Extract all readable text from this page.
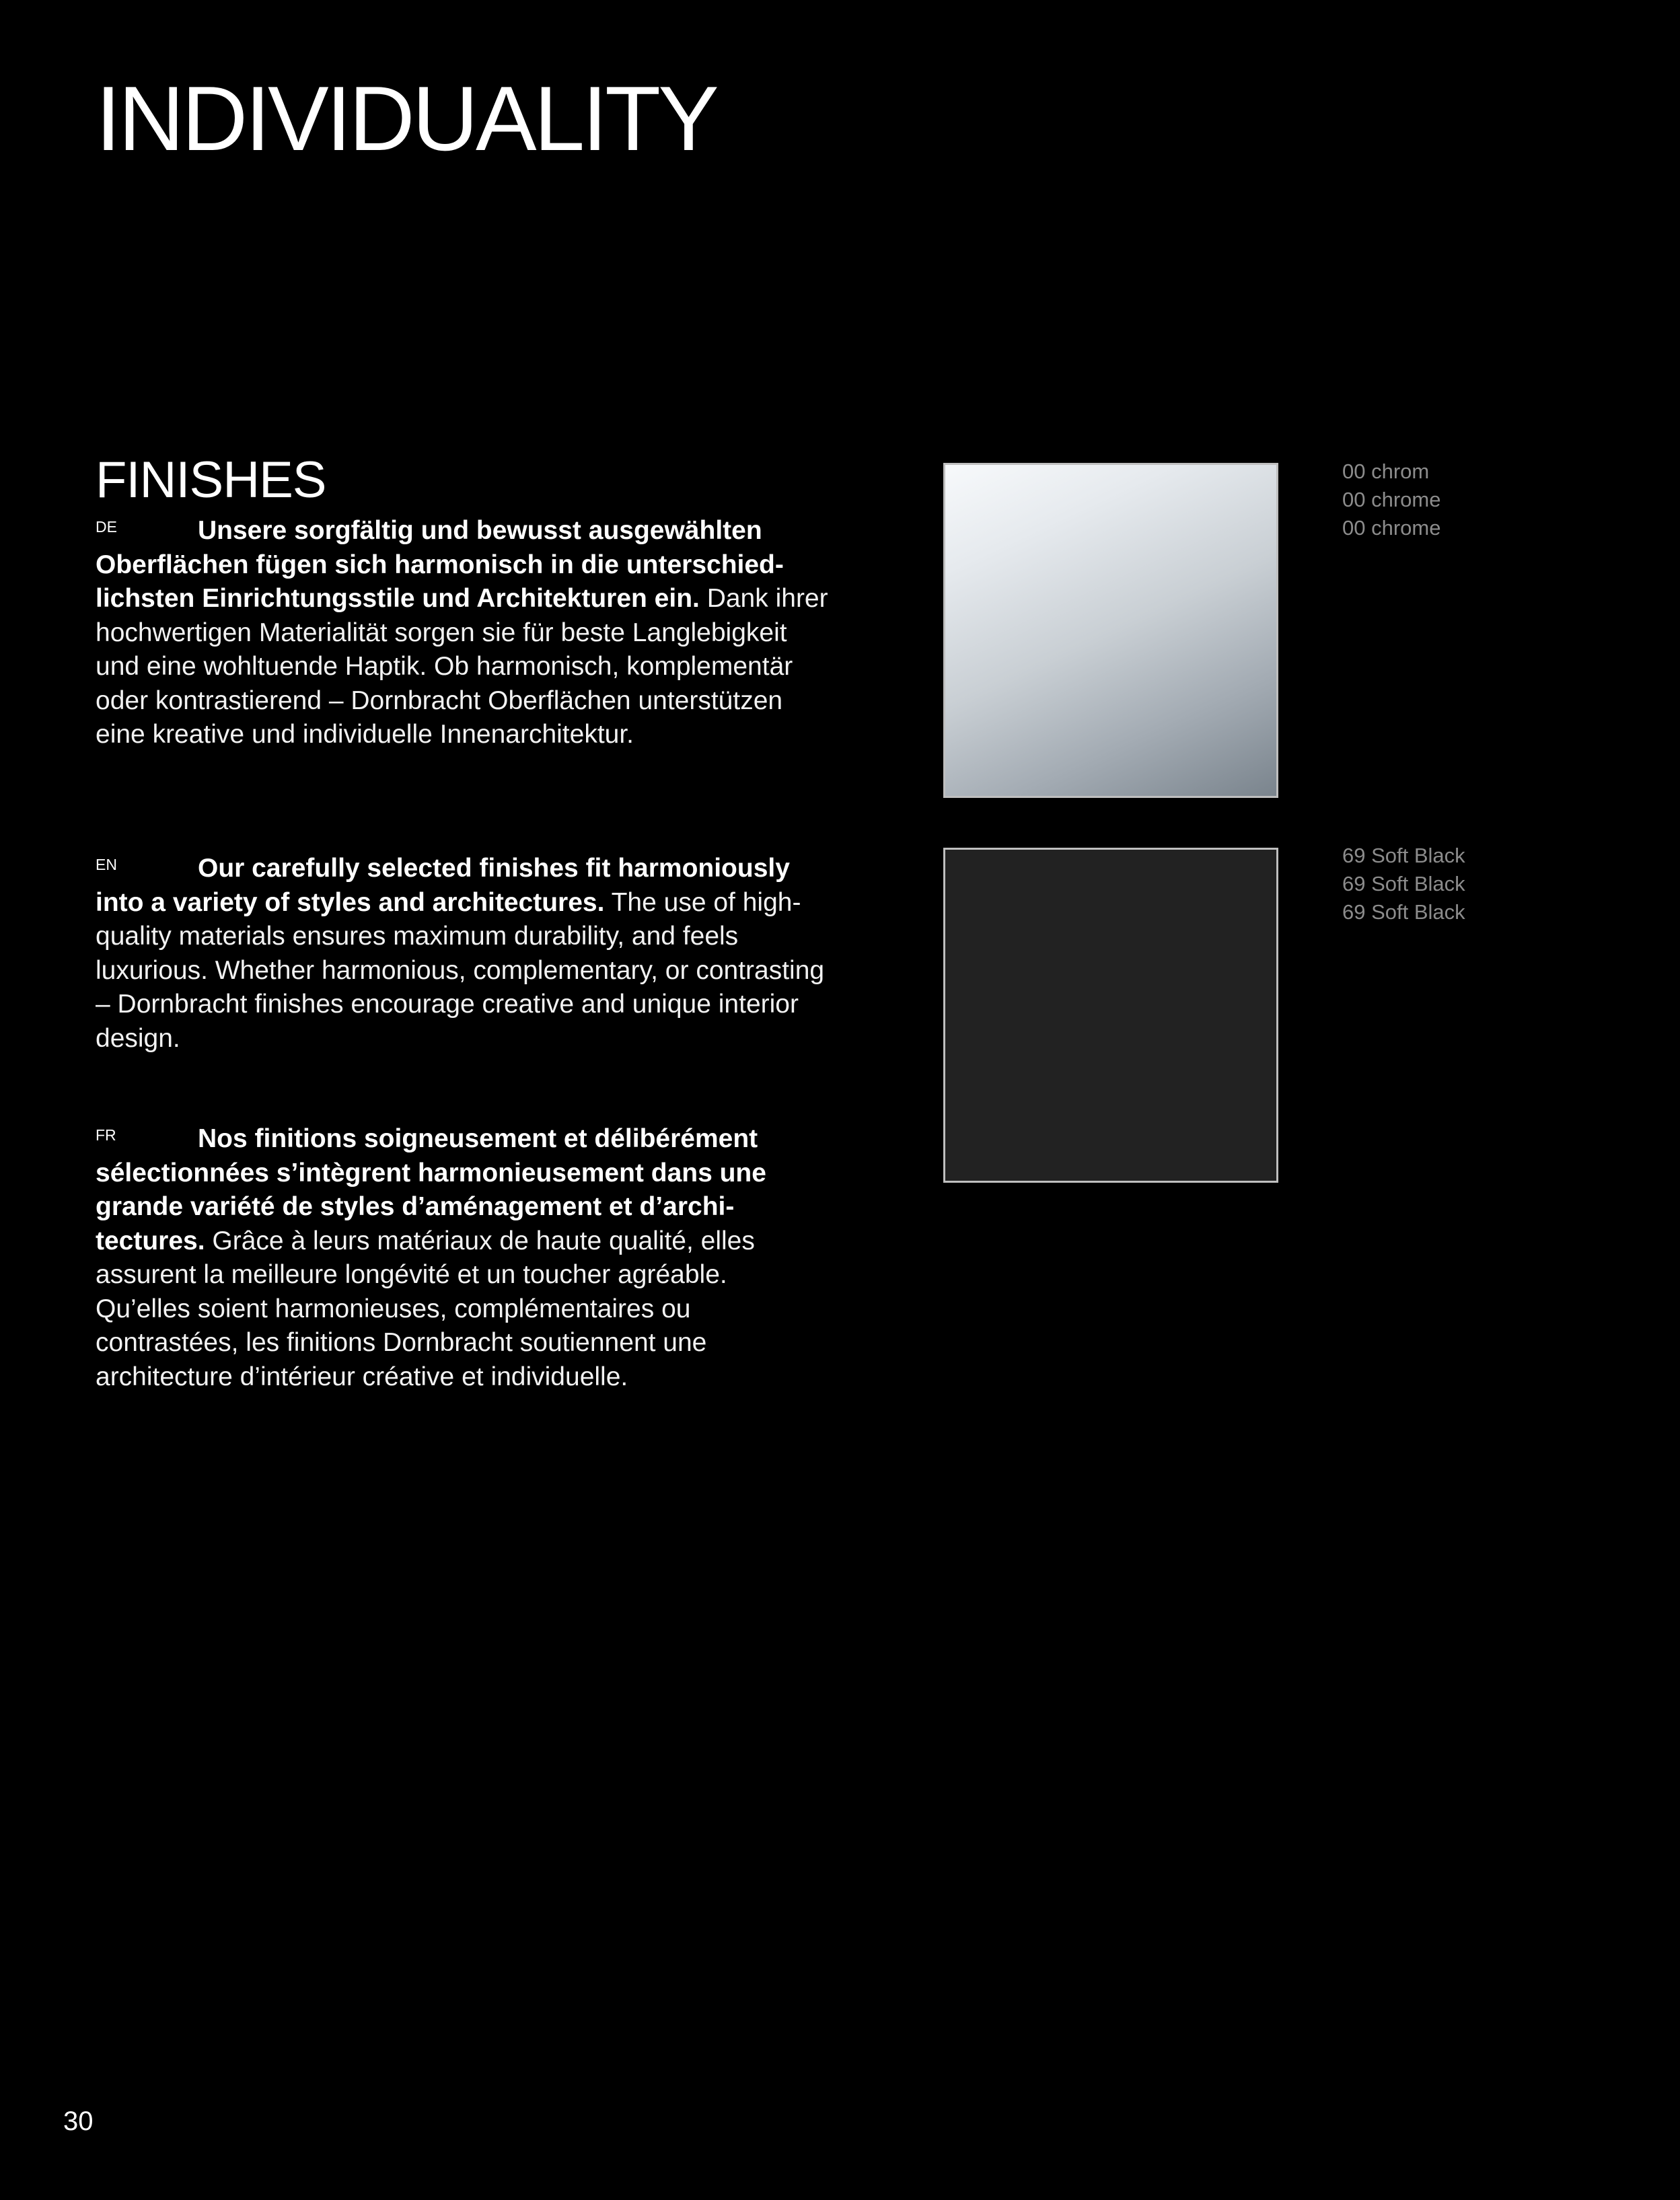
INDIVIDUALITY
FINISHES

DE	Unsere sorgfältig und bewusst ausgewählten Oberflächen fügen sich harmonisch in die unterschiedlichsten Einrichtungsstile und Architekturen ein. Dank ihrer hochwertigen Materialität sorgen sie für beste Langlebigkeit und eine wohltuende Haptik. Ob harmonisch, komplementär oder kontrastierend – Dornbracht Oberflächen unterstützen eine kreative und individuelle Innenarchitektur.

EN	Our carefully selected finishes fit harmoniously into a variety of styles and architectures. The use of high-quality materials ensures maximum durability, and feels luxurious. Whether harmonious, complementary, or contrasting – Dornbracht finishes encourage creative and unique interior design.

FR	Nos finitions soigneusement et délibérément sélectionnées s’intègrent harmonieusement dans une grande variété de styles d’aménagement et d’architectures. Grâce à leurs matériaux de haute qualité, elles assurent la meilleure longévité et un toucher agréable. Qu’elles soient harmonieuses, complémentaires ou contrastées, les finitions Dornbracht soutiennent une architecture d’intérieur créative et individuelle.

00 chrom
00 chrome
00 chrome

69 Soft Black
69 Soft Black
69 Soft Black

30
